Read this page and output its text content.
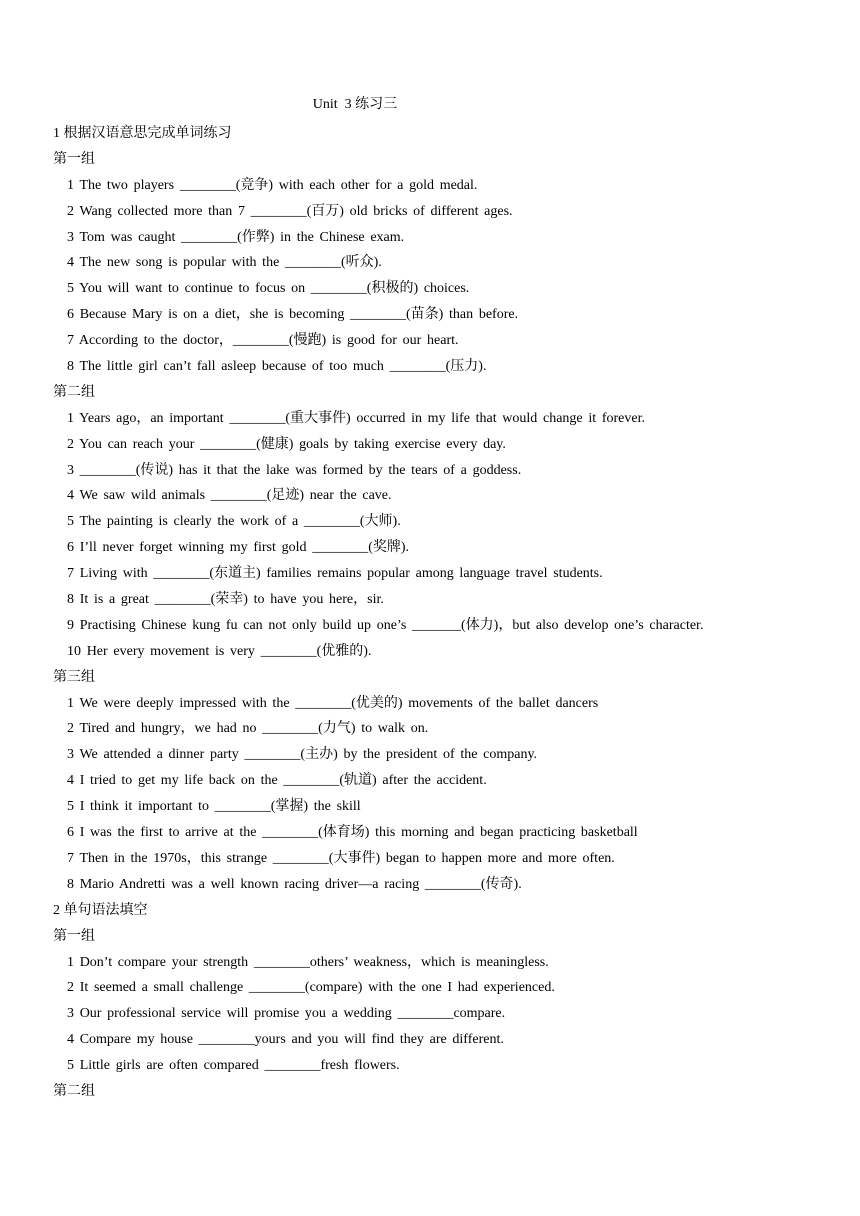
Unit  3 练习三
1 根据汉语意思完成单词练习
第一组
1 The two players ________(竞争) with each other for a gold medal.
2 Wang collected more than 7 ________(百万) old bricks of different ages.
3 Tom was caught ________(作弊) in the Chinese exam.
4 The new song is popular with the ________(听众).
5 You will want to continue to focus on ________(积极的) choices.
6 Because Mary is on a diet，she is becoming ________(苗条) than before.
7 According to the doctor，________(慢跑) is good for our heart.
8 The little girl can’t fall asleep because of too much ________(压力).
第二组
1 Years ago，an important ________(重大事件) occurred in my life that would change it forever.
2 You can reach your ________(健康) goals by taking exercise every day.
3 ________(传说) has it that the lake was formed by the tears of a goddess.
4 We saw wild animals ________(足迹) near the cave.
5 The painting is clearly the work of a ________(大师).
6 I’ll never forget winning my first gold ________(奖牌).
7 Living with ________(东道主) families remains popular among language travel students.
8 It is a great ________(荣幸) to have you here，sir.
9 Practising Chinese kung fu can not only build up one’s _______(体力)，but also develop one’s character.
10 Her every movement is very ________(优雅的).
第三组
1 We were deeply impressed with the ________(优美的) movements of the ballet dancers
2 Tired and hungry，we had no ________(力气) to walk on.
3 We attended a dinner party ________(主办) by the president of the company.
4 I tried to get my life back on the ________(轨道) after the accident.
5 I think it important to ________(掌握) the skill
6 I was the first to arrive at the ________(体育场) this morning and began practicing basketball
7 Then in the 1970s，this strange ________(大事件) began to happen more and more often.
8 Mario Andretti was a well known racing driver—a racing ________(传奇).
2 单句语法填空
第一组
1 Don’t compare your strength ________others’ weakness，which is meaningless.
2 It seemed a small challenge ________(compare) with the one I had experienced.
3 Our professional service will promise you a wedding ________compare.
4 Compare my house ________yours and you will find they are different.
5 Little girls are often compared ________fresh flowers.
第二组
